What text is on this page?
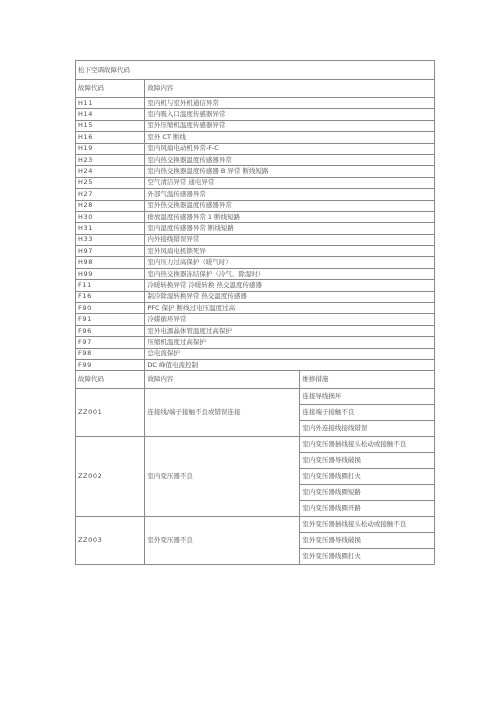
松下空调故障代码		
故障代码	故障内容	
H11	室内机与室外机通信异常	
H14	室内吸入口温度传感器异常	
H15	室外压缩机温度传感器异常	
H16	室外 CT 断线	
H19	室内风扇电动机异常-F-C	
H23	室内热交换器温度传感器异常	
H24	室内热交换器温度传感器 B 异常 断线短路	
H25	空气清洁异常 通电异常	
H27	外部气温传感器异常	
H28	室外热交换器温度传感器异常	
H30	排放温度传感器异常 1 断线短路	
H31	室内湿度传感器异常 断线短路	
H33	内外接线错误异常	
H97	室外风扇电机锁死异	
H98	室内压力过高保护（暖气时）	
H99	室内热交换器冻结保护（冷气、除湿时）	
F11	冷暖转换异常 冷暖转换 热交温度传感器	
F16	制冷除湿转换异常 热交温度传感器	
F90	PFC 保护 断线过电压温度过高	
F91	冷媒循环异常	
F96	室外电源晶体管温度过高保护	
F97	压缩机温度过高保护	
F98	总电流保护	
F99	DC 峰值电流控制	
故障代码	故障内容	维修措施
ZZ001	连接线/端子接触不良或错误连接	连接导线损坏
		连接端子接触不良
		室内外连接线接线错误
ZZ002	室内变压器不良	室内变压器插线接头松动或接触不良
		室内变压器导线破损
		室内变压器线圈打火
		室内变压器线圈短路
		室内变压器线圈开路
ZZ003	室外变压器不良	室外变压器插线接头松动或接触不良
		室外变压器导线破损
		室外变压器线圈打火
